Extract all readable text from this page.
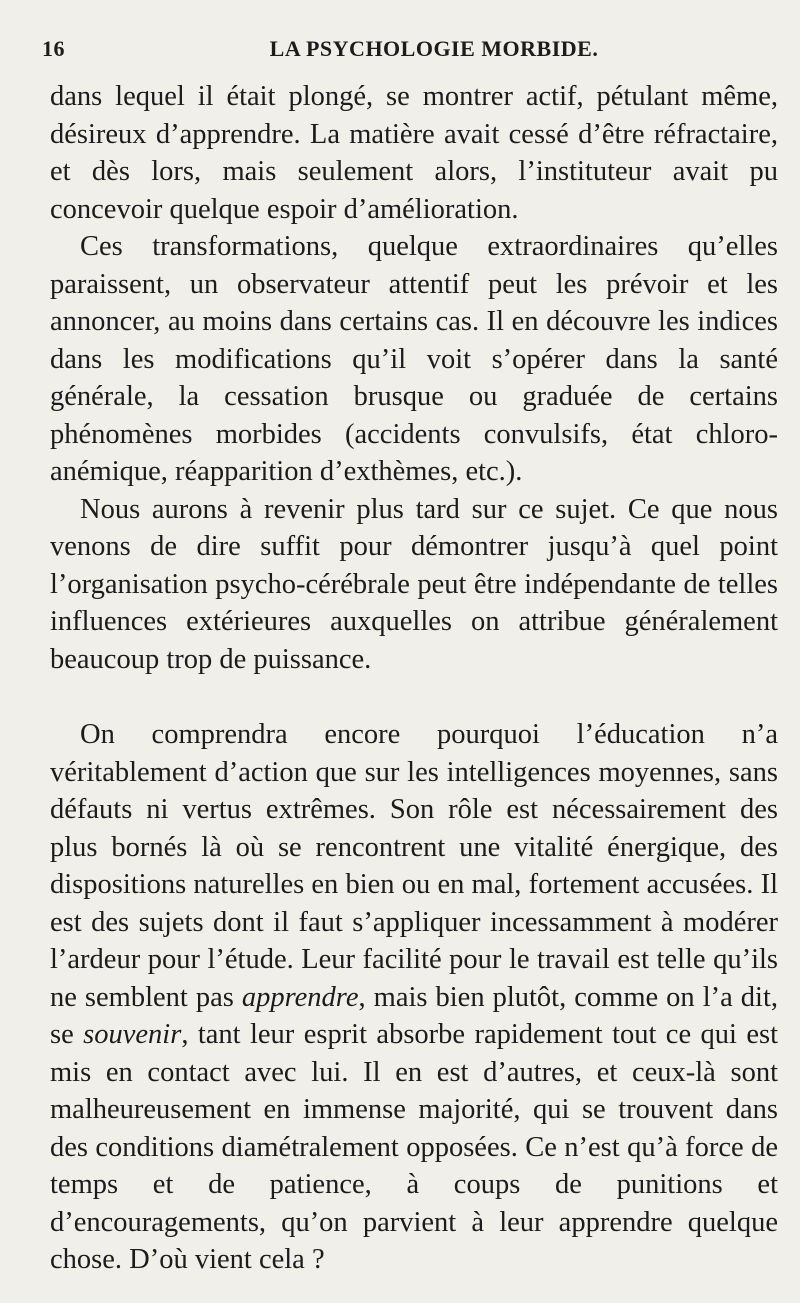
16	LA PSYCHOLOGIE MORBIDE.

dans lequel il était plongé, se montrer actif, pétulant même, désireux d’apprendre. La matière avait cessé d’être réfractaire, et dès lors, mais seulement alors, l’instituteur avait pu concevoir quelque espoir d’amélioration.

Ces transformations, quelque extraordinaires qu’elles paraissent, un observateur attentif peut les prévoir et les annoncer, au moins dans certains cas. Il en découvre les indices dans les modifications qu’il voit s’opérer dans la santé générale, la cessation brusque ou graduée de certains phénomènes morbides (accidents convulsifs, état chloro-anémique, réapparition d’exthèmes, etc.).

Nous aurons à revenir plus tard sur ce sujet. Ce que nous venons de dire suffit pour démontrer jusqu’à quel point l’organisation psycho-cérébrale peut être indépendante de telles influences extérieures auxquelles on attribue généralement beaucoup trop de puissance.

On comprendra encore pourquoi l’éducation n’a véritablement d’action que sur les intelligences moyennes, sans défauts ni vertus extrêmes. Son rôle est nécessairement des plus bornés là où se rencontrent une vitalité énergique, des dispositions naturelles en bien ou en mal, fortement accusées. Il est des sujets dont il faut s’appliquer incessamment à modérer l’ardeur pour l’étude. Leur facilité pour le travail est telle qu’ils ne semblent pas apprendre, mais bien plutôt, comme on l’a dit, se souvenir, tant leur esprit absorbe rapidement tout ce qui est mis en contact avec lui. Il en est d’autres, et ceux-là sont malheureusement en immense majorité, qui se trouvent dans des conditions diamétralement opposées. Ce n’est qu’à force de temps et de patience, à coups de punitions et d’encouragements, qu’on parvient à leur apprendre quelque chose. D’où vient cela ?
